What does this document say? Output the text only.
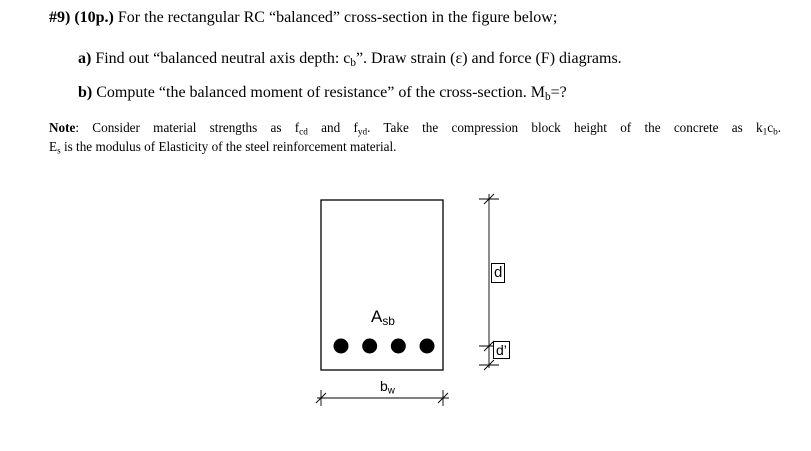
#9) (10p.) For the rectangular RC “balanced” cross-section in the figure below;
a) Find out “balanced neutral axis depth: $c_b$”. Draw strain (ε) and force (F) diagrams.
b) Compute “the balanced moment of resistance” of the cross-section. $M_b=$?
Note: Consider material strengths as $f_{cd}$ and $f_{yd}$. Take the compression block height of the concrete as $k_1c_b$.
$E_s$ is the modulus of Elasticity of the steel reinforcement material.
$A_{sb}$
$b_w$
d
d’
